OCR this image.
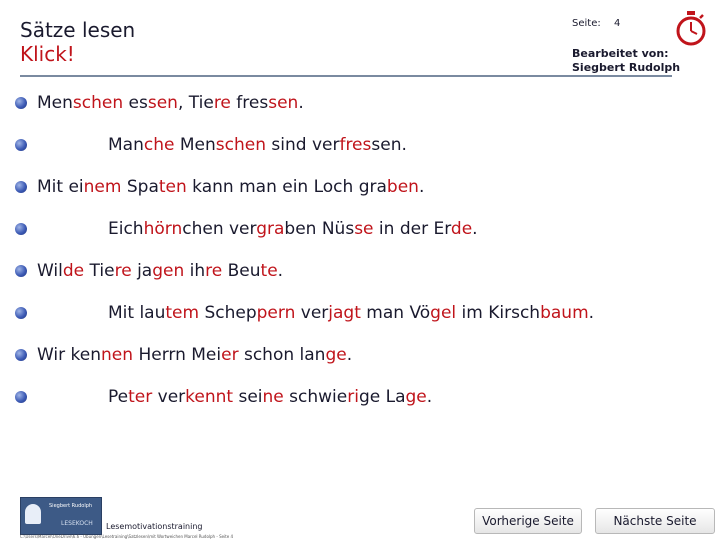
Sätze lesen
Klick!
Seite: 4
Bearbeitet von:
Siegbert Rudolph
Menschen essen, Tiere fressen.
Manche Menschen sind verfressen.
Mit einem Spaten kann man ein Loch graben.
Eichhörnchen vergraben Nüsse in der Erde.
Wilde Tiere jagen ihre Beute.
Mit lautem Scheppern verjagt man Vögel im Kirschbaum.
Wir kennen Herrn Meier schon lange.
Peter verkennt seine schwierige Lage.
Siegbert Rudolph
LESEKOCH Lesemotivationstraining
C:\Users\Marcel\OneDrive\6.6 - Übungen\Lesetraining\Satzlesen\mit Wortweichen Marcel Rudolph - Seite 4
Vorherige Seite	Nächste Seite
